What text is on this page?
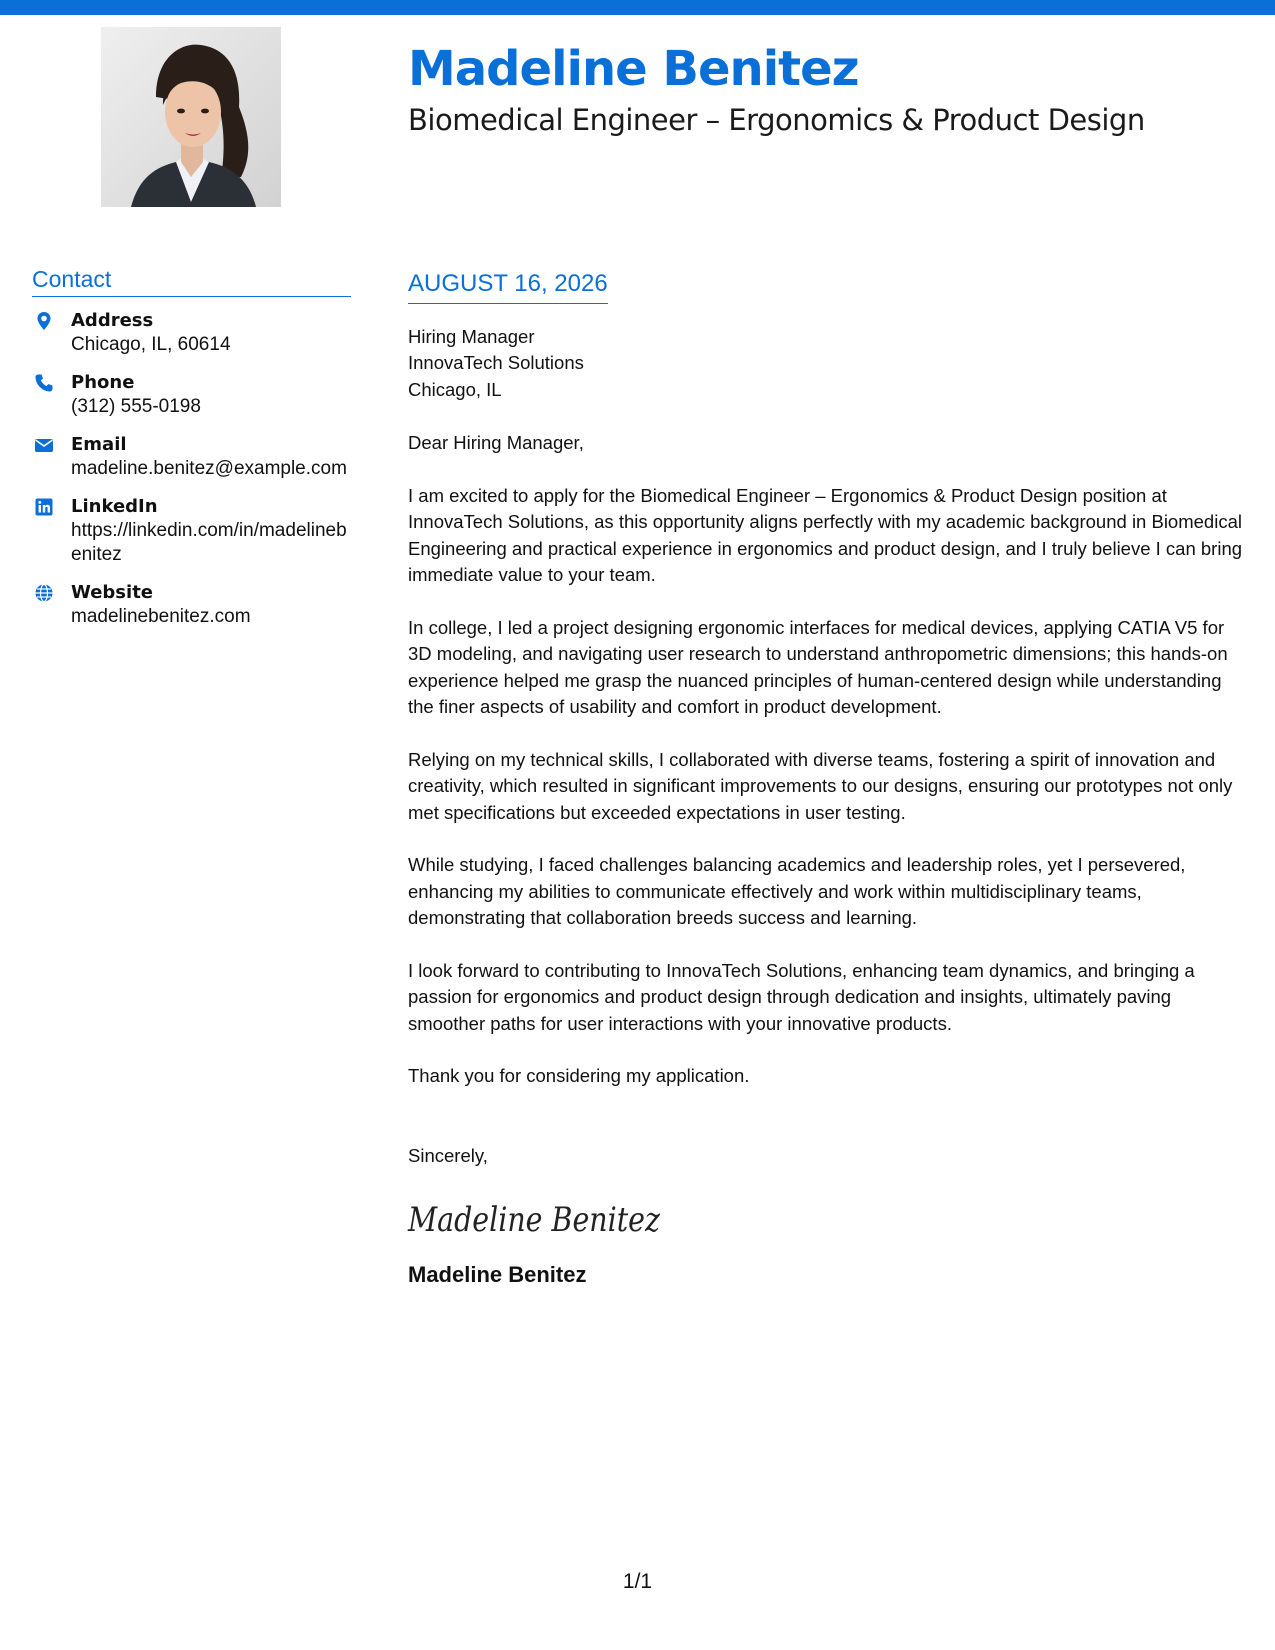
Madeline Benitez
Biomedical Engineer – Ergonomics & Product Design
Contact
Address
Chicago, IL, 60614
Phone
(312) 555-0198
Email
madeline.benitez@example.com
LinkedIn
https://linkedin.com/in/madelinebenitez
Website
madelinebenitez.com
AUGUST 16, 2026
Hiring Manager
InnovaTech Solutions
Chicago, IL
Dear Hiring Manager,
I am excited to apply for the Biomedical Engineer – Ergonomics & Product Design position at InnovaTech Solutions, as this opportunity aligns perfectly with my academic background in Biomedical Engineering and practical experience in ergonomics and product design, and I truly believe I can bring immediate value to your team.
In college, I led a project designing ergonomic interfaces for medical devices, applying CATIA V5 for 3D modeling, and navigating user research to understand anthropometric dimensions; this hands-on experience helped me grasp the nuanced principles of human-centered design while understanding the finer aspects of usability and comfort in product development.
Relying on my technical skills, I collaborated with diverse teams, fostering a spirit of innovation and creativity, which resulted in significant improvements to our designs, ensuring our prototypes not only met specifications but exceeded expectations in user testing.
While studying, I faced challenges balancing academics and leadership roles, yet I persevered, enhancing my abilities to communicate effectively and work within multidisciplinary teams, demonstrating that collaboration breeds success and learning.
I look forward to contributing to InnovaTech Solutions, enhancing team dynamics, and bringing a passion for ergonomics and product design through dedication and insights, ultimately paving smoother paths for user interactions with your innovative products.
Thank you for considering my application.
Sincerely,
Madeline Benitez
Madeline Benitez
1/1
